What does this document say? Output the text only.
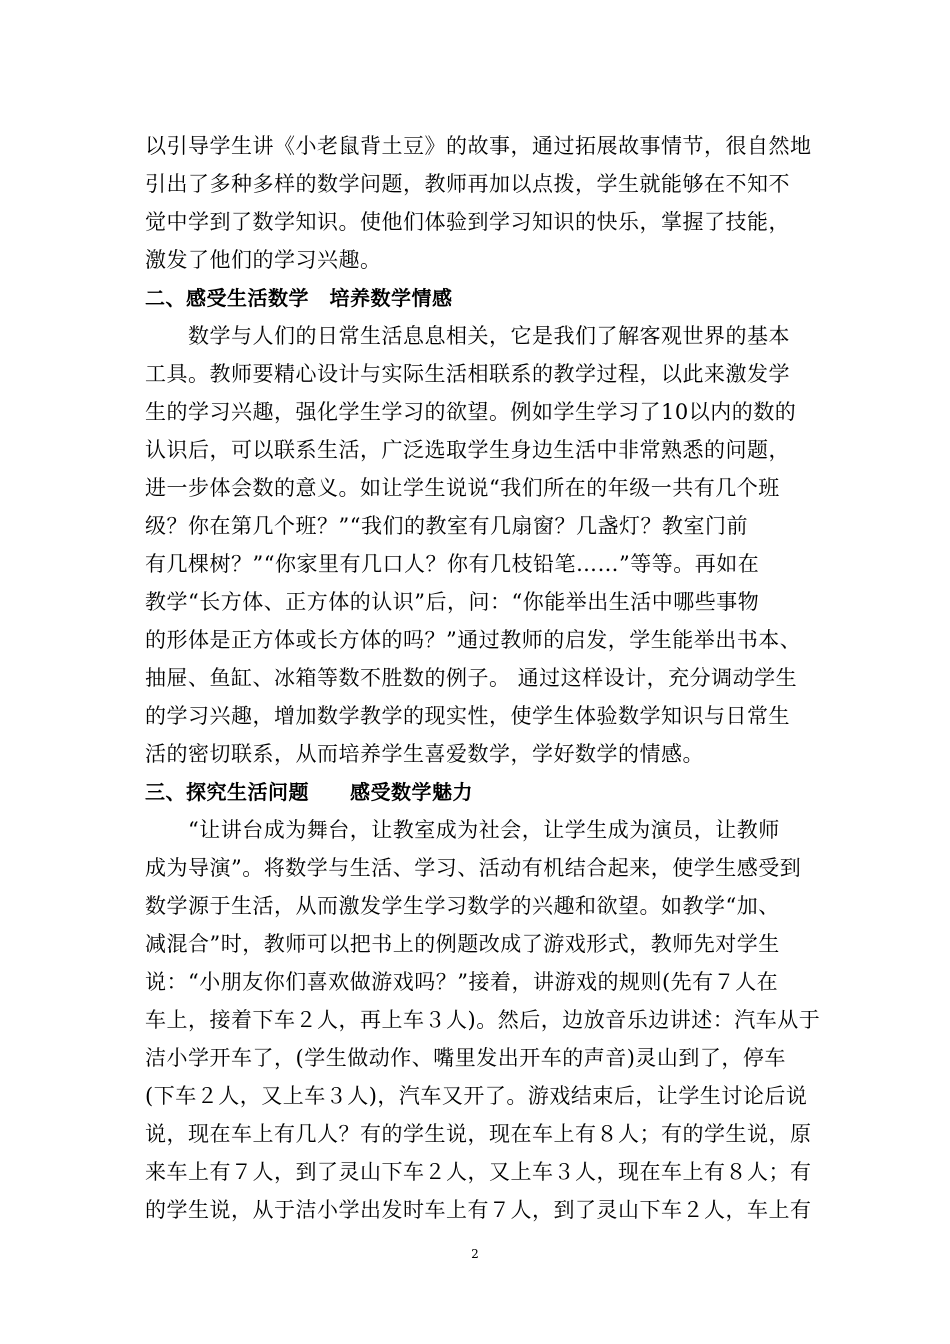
以引导学生讲《小老鼠背土豆》的故事，通过拓展故事情节，很自然地
引出了多种多样的数学问题，教师再加以点拨，学生就能够在不知不
觉中学到了数学知识。使他们体验到学习知识的快乐，掌握了技能，
激发了他们的学习兴趣。
二、感受生活数学　培养数学情感
　　数学与人们的日常生活息息相关，它是我们了解客观世界的基本
工具。教师要精心设计与实际生活相联系的教学过程，以此来激发学
生的学习兴趣，强化学生学习的欲望。例如学生学习了10以内的数的
认识后，可以联系生活，广泛选取学生身边生活中非常熟悉的问题，
进一步体会数的意义。如让学生说说“我们所在的年级一共有几个班
级？你在第几个班？”“我们的教室有几扇窗？几盏灯？教室门前
有几棵树？”“你家里有几口人？你有几枝铅笔……”等等。再如在
教学“长方体、正方体的认识”后，问：“你能举出生活中哪些事物
的形体是正方体或长方体的吗？”通过教师的启发，学生能举出书本、
抽屉、鱼缸、冰箱等数不胜数的例子。 通过这样设计，充分调动学生
的学习兴趣，增加数学教学的现实性，使学生体验数学知识与日常生
活的密切联系，从而培养学生喜爱数学，学好数学的情感。
三、探究生活问题　　感受数学魅力
　　“让讲台成为舞台，让教室成为社会，让学生成为演员，让教师
成为导演”。将数学与生活、学习、活动有机结合起来，使学生感受到
数学源于生活，从而激发学生学习数学的兴趣和欲望。如教学“加、
减混合”时，教师可以把书上的例题改成了游戏形式，教师先对学生
说：“小朋友你们喜欢做游戏吗？”接着，讲游戏的规则(先有７人在
车上，接着下车２人，再上车３人)。然后，边放音乐边讲述：汽车从于
洁小学开车了，(学生做动作、嘴里发出开车的声音)灵山到了，停车
(下车２人，又上车３人)，汽车又开了。游戏结束后，让学生讨论后说
说，现在车上有几人？有的学生说，现在车上有８人；有的学生说，原
来车上有７人，到了灵山下车２人，又上车３人，现在车上有８人；有
的学生说，从于洁小学出发时车上有７人，到了灵山下车２人，车上有
2
